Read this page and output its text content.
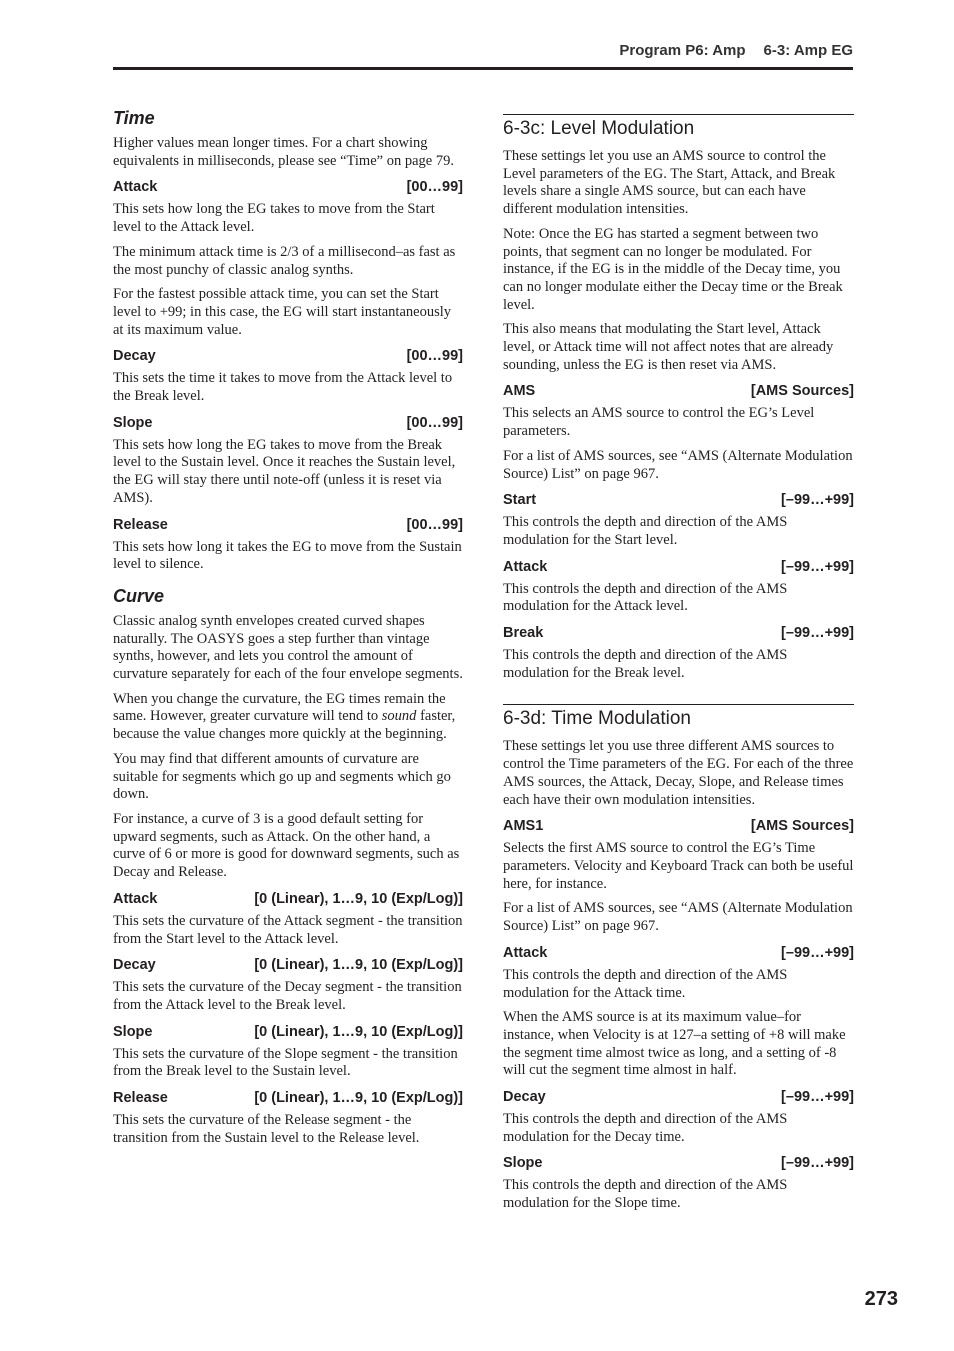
Program P6: Amp 6-3: Amp EG
Time

Higher values mean longer times. For a chart showing equivalents in milliseconds, please see “Time” on page 79.

Attack	[00…99]

This sets how long the EG takes to move from the Start level to the Attack level.

The minimum attack time is 2/3 of a millisecond–as fast as the most punchy of classic analog synths.

For the fastest possible attack time, you can set the Start level to +99; in this case, the EG will start instantaneously at its maximum value.

Decay	[00…99]

This sets the time it takes to move from the Attack level to the Break level.

Slope	[00…99]

This sets how long the EG takes to move from the Break level to the Sustain level. Once it reaches the Sustain level, the EG will stay there until note-off (unless it is reset via AMS).

Release	[00…99]

This sets how long it takes the EG to move from the Sustain level to silence.

Curve

Classic analog synth envelopes created curved shapes naturally. The OASYS goes a step further than vintage synths, however, and lets you control the amount of curvature separately for each of the four envelope segments.

When you change the curvature, the EG times remain the same. However, greater curvature will tend to sound faster, because the value changes more quickly at the beginning.

You may find that different amounts of curvature are suitable for segments which go up and segments which go down.

For instance, a curve of 3 is a good default setting for upward segments, such as Attack. On the other hand, a curve of 6 or more is good for downward segments, such as Decay and Release.

Attack	[0 (Linear), 1…9, 10 (Exp/Log)]

This sets the curvature of the Attack segment - the transition from the Start level to the Attack level.

Decay	[0 (Linear), 1…9, 10 (Exp/Log)]

This sets the curvature of the Decay segment - the transition from the Attack level to the Break level.

Slope	[0 (Linear), 1…9, 10 (Exp/Log)]

This sets the curvature of the Slope segment - the transition from the Break level to the Sustain level.

Release	[0 (Linear), 1…9, 10 (Exp/Log)]

This sets the curvature of the Release segment - the transition from the Sustain level to the Release level.

6-3c: Level Modulation

These settings let you use an AMS source to control the Level parameters of the EG. The Start, Attack, and Break levels share a single AMS source, but can each have different modulation intensities.

Note: Once the EG has started a segment between two points, that segment can no longer be modulated. For instance, if the EG is in the middle of the Decay time, you can no longer modulate either the Decay time or the Break level.

This also means that modulating the Start level, Attack level, or Attack time will not affect notes that are already sounding, unless the EG is then reset via AMS.

AMS	[AMS Sources]

This selects an AMS source to control the EG’s Level parameters.

For a list of AMS sources, see “AMS (Alternate Modulation Source) List” on page 967.

Start	[–99…+99]

This controls the depth and direction of the AMS modulation for the Start level.

Attack	[–99…+99]

This controls the depth and direction of the AMS modulation for the Attack level.

Break	[–99…+99]

This controls the depth and direction of the AMS modulation for the Break level.

6-3d: Time Modulation

These settings let you use three different AMS sources to control the Time parameters of the EG. For each of the three AMS sources, the Attack, Decay, Slope, and Release times each have their own modulation intensities.

AMS1	[AMS Sources]

Selects the first AMS source to control the EG’s Time parameters. Velocity and Keyboard Track can both be useful here, for instance.

For a list of AMS sources, see “AMS (Alternate Modulation Source) List” on page 967.

Attack	[–99…+99]

This controls the depth and direction of the AMS modulation for the Attack time.

When the AMS source is at its maximum value–for instance, when Velocity is at 127–a setting of +8 will make the segment time almost twice as long, and a setting of -8 will cut the segment time almost in half.

Decay	[–99…+99]

This controls the depth and direction of the AMS modulation for the Decay time.

Slope	[–99…+99]

This controls the depth and direction of the AMS modulation for the Slope time.

273
